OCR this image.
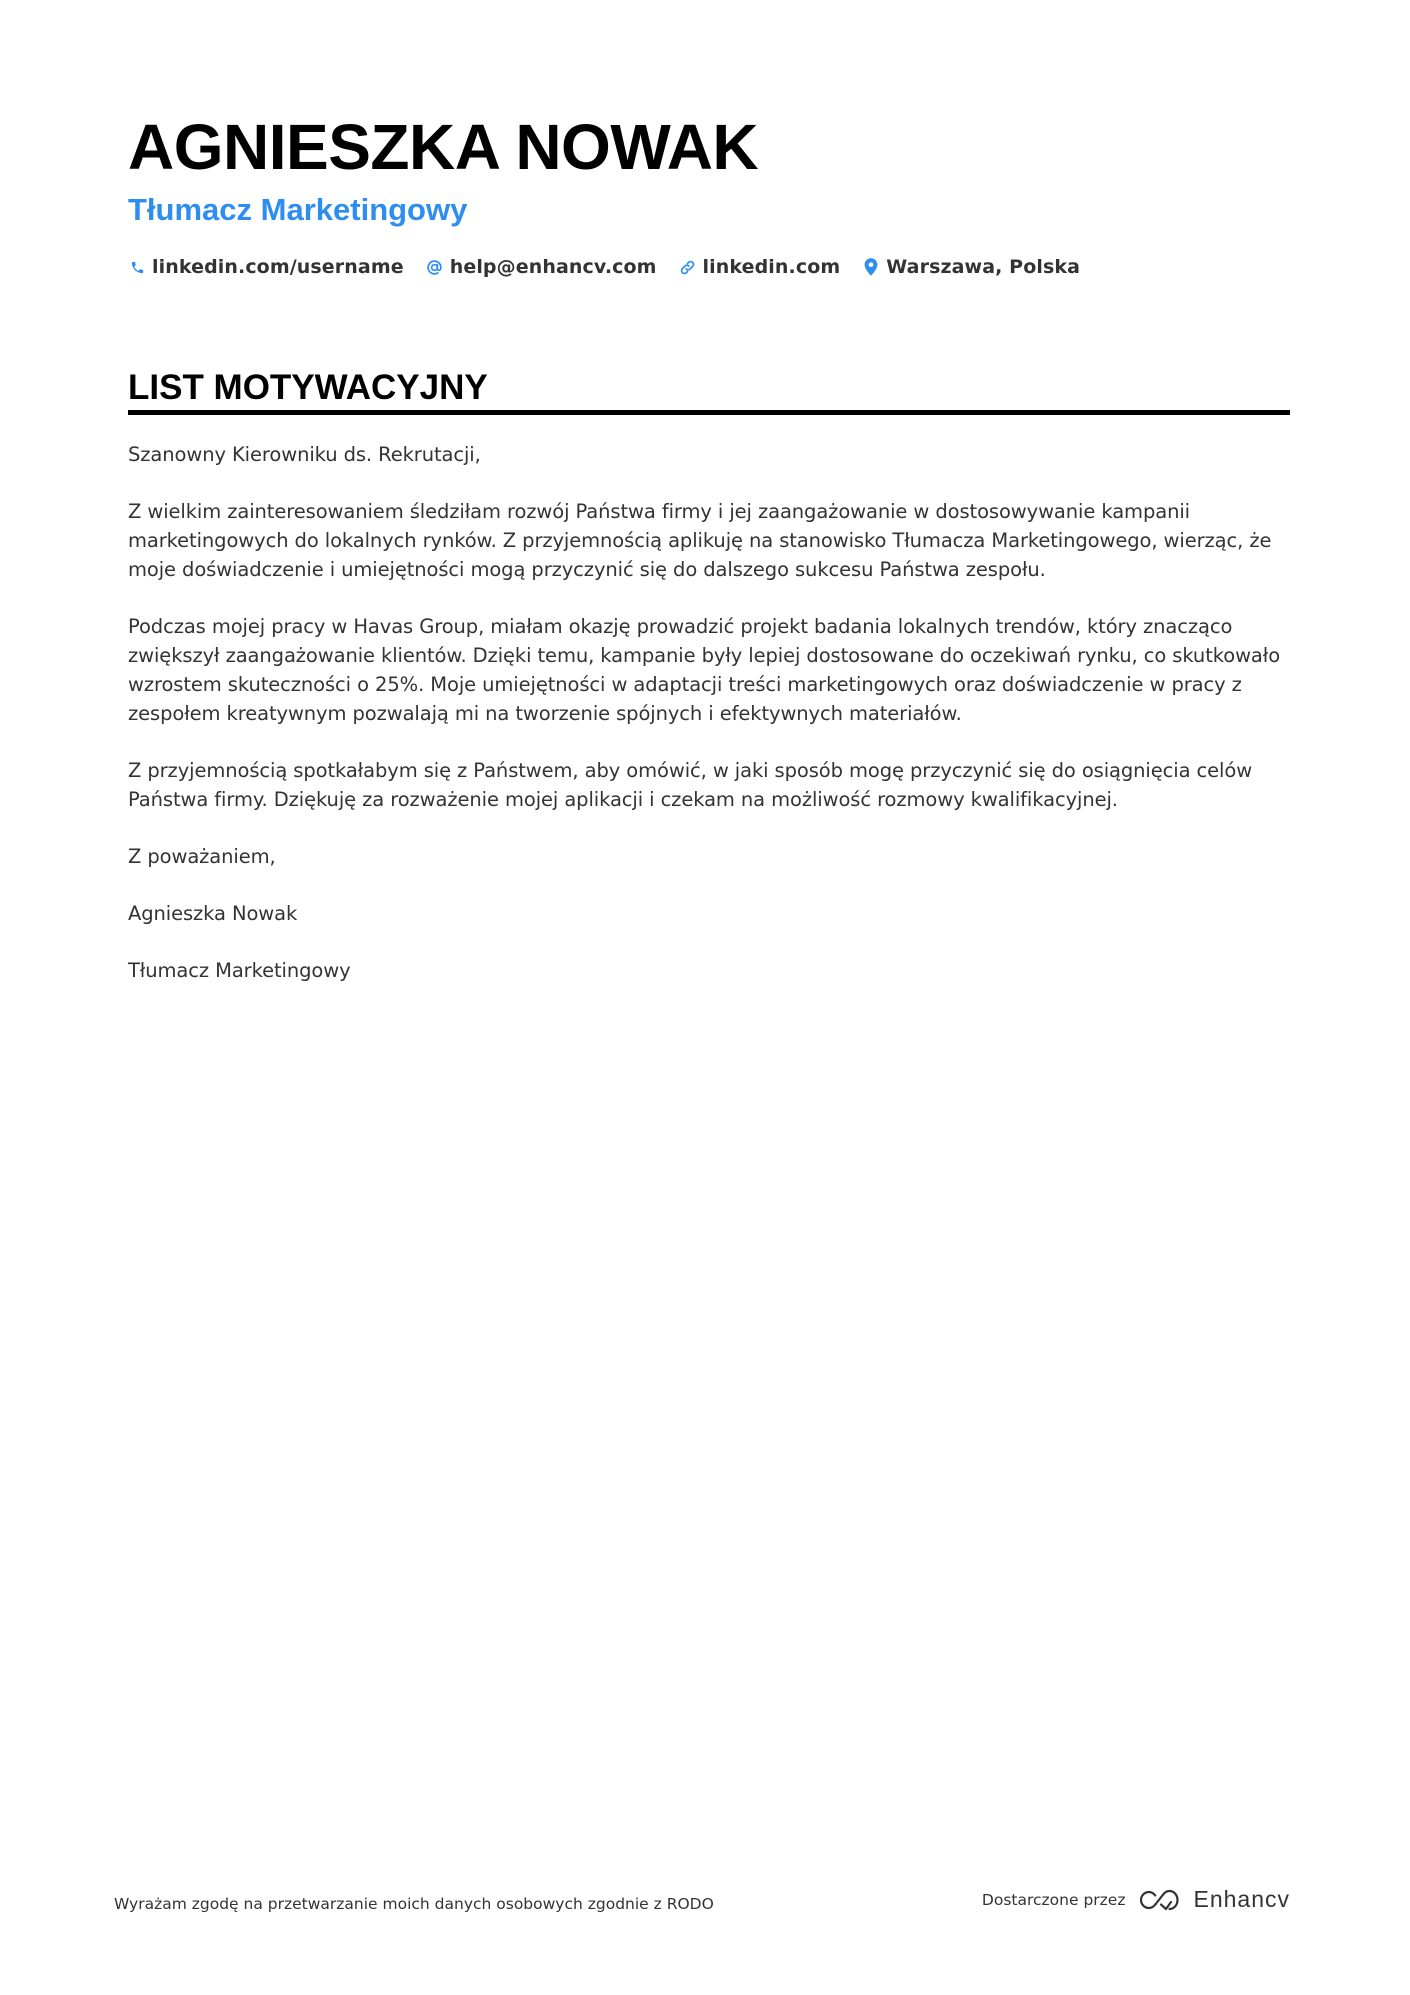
AGNIESZKA NOWAK
Tłumacz Marketingowy
linkedin.com/username help@enhancv.com linkedin.com Warszawa, Polska
LIST MOTYWACYJNY

Szanowny Kierowniku ds. Rekrutacji,

Z wielkim zainteresowaniem śledziłam rozwój Państwa firmy i jej zaangażowanie w dostosowywanie kampanii marketingowych do lokalnych rynków. Z przyjemnością aplikuję na stanowisko Tłumacza Marketingowego, wierząc, że moje doświadczenie i umiejętności mogą przyczynić się do dalszego sukcesu Państwa zespołu.

Podczas mojej pracy w Havas Group, miałam okazję prowadzić projekt badania lokalnych trendów, który znacząco zwiększył zaangażowanie klientów. Dzięki temu, kampanie były lepiej dostosowane do oczekiwań rynku, co skutkowało wzrostem skuteczności o 25%. Moje umiejętności w adaptacji treści marketingowych oraz doświadczenie w pracy z zespołem kreatywnym pozwalają mi na tworzenie spójnych i efektywnych materiałów.

Z przyjemnością spotkałabym się z Państwem, aby omówić, w jaki sposób mogę przyczynić się do osiągnięcia celów Państwa firmy. Dziękuję za rozważenie mojej aplikacji i czekam na możliwość rozmowy kwalifikacyjnej.

Z poważaniem,

Agnieszka Nowak

Tłumacz Marketingowy

Wyrażam zgodę na przetwarzanie moich danych osobowych zgodnie z RODO	Dostarczone przez	Enhancv
